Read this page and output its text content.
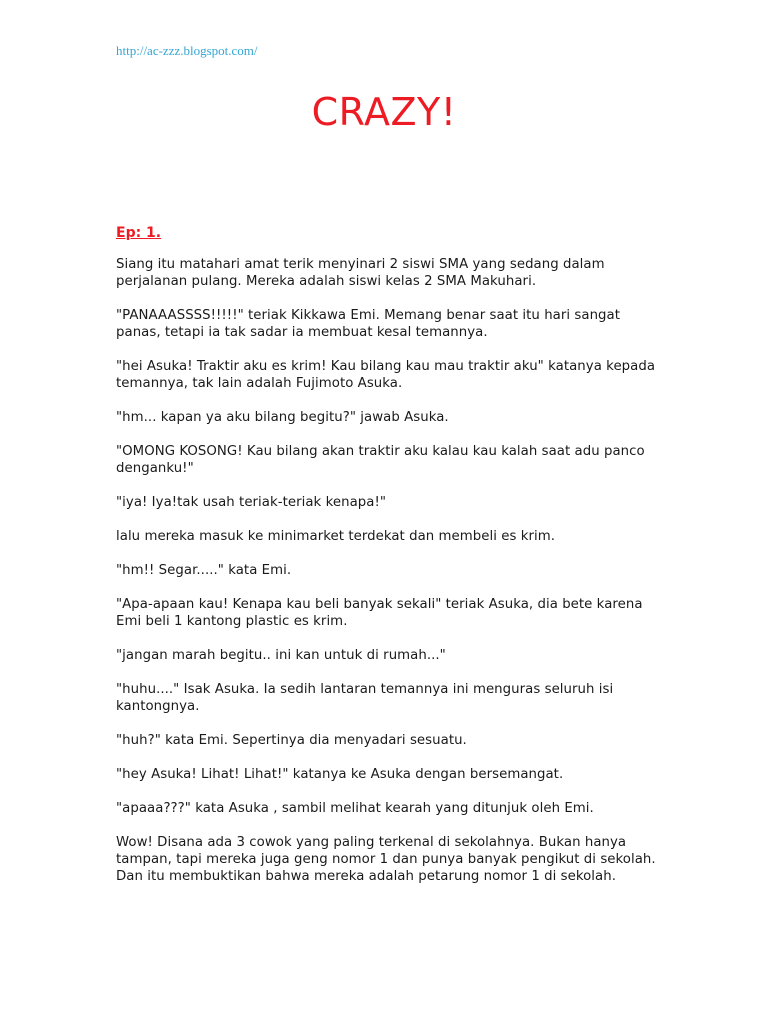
http://ac-zzz.blogspot.com/
CRAZY!
Ep: 1.

Siang itu matahari amat terik menyinari 2 siswi SMA yang sedang dalam perjalanan pulang. Mereka adalah siswi kelas 2 SMA Makuhari.

"PANAAASSSS!!!!!" teriak Kikkawa Emi. Memang benar saat itu hari sangat panas, tetapi ia tak sadar ia membuat kesal temannya.

"hei Asuka! Traktir aku es krim! Kau bilang kau mau traktir aku" katanya kepada temannya, tak lain adalah Fujimoto Asuka.

"hm... kapan ya aku bilang begitu?" jawab Asuka.

"OMONG KOSONG! Kau bilang akan traktir aku kalau kau kalah saat adu panco denganku!"

"iya! Iya!tak usah teriak-teriak kenapa!"

lalu mereka masuk ke minimarket terdekat dan membeli es krim.

"hm!! Segar....." kata Emi.

"Apa-apaan kau! Kenapa kau beli banyak sekali" teriak Asuka, dia bete karena Emi beli 1 kantong plastic es krim.

"jangan marah begitu.. ini kan untuk di rumah..."

"huhu...." Isak Asuka. Ia sedih lantaran temannya ini menguras seluruh isi kantongnya.

"huh?" kata Emi. Sepertinya dia menyadari sesuatu.

"hey Asuka! Lihat! Lihat!" katanya ke Asuka dengan bersemangat.

"apaaa???" kata Asuka , sambil melihat kearah yang ditunjuk oleh Emi.

Wow! Disana ada 3 cowok yang paling terkenal di sekolahnya. Bukan hanya tampan, tapi mereka juga geng nomor 1 dan punya banyak pengikut di sekolah. Dan itu membuktikan bahwa mereka adalah petarung nomor 1 di sekolah.
